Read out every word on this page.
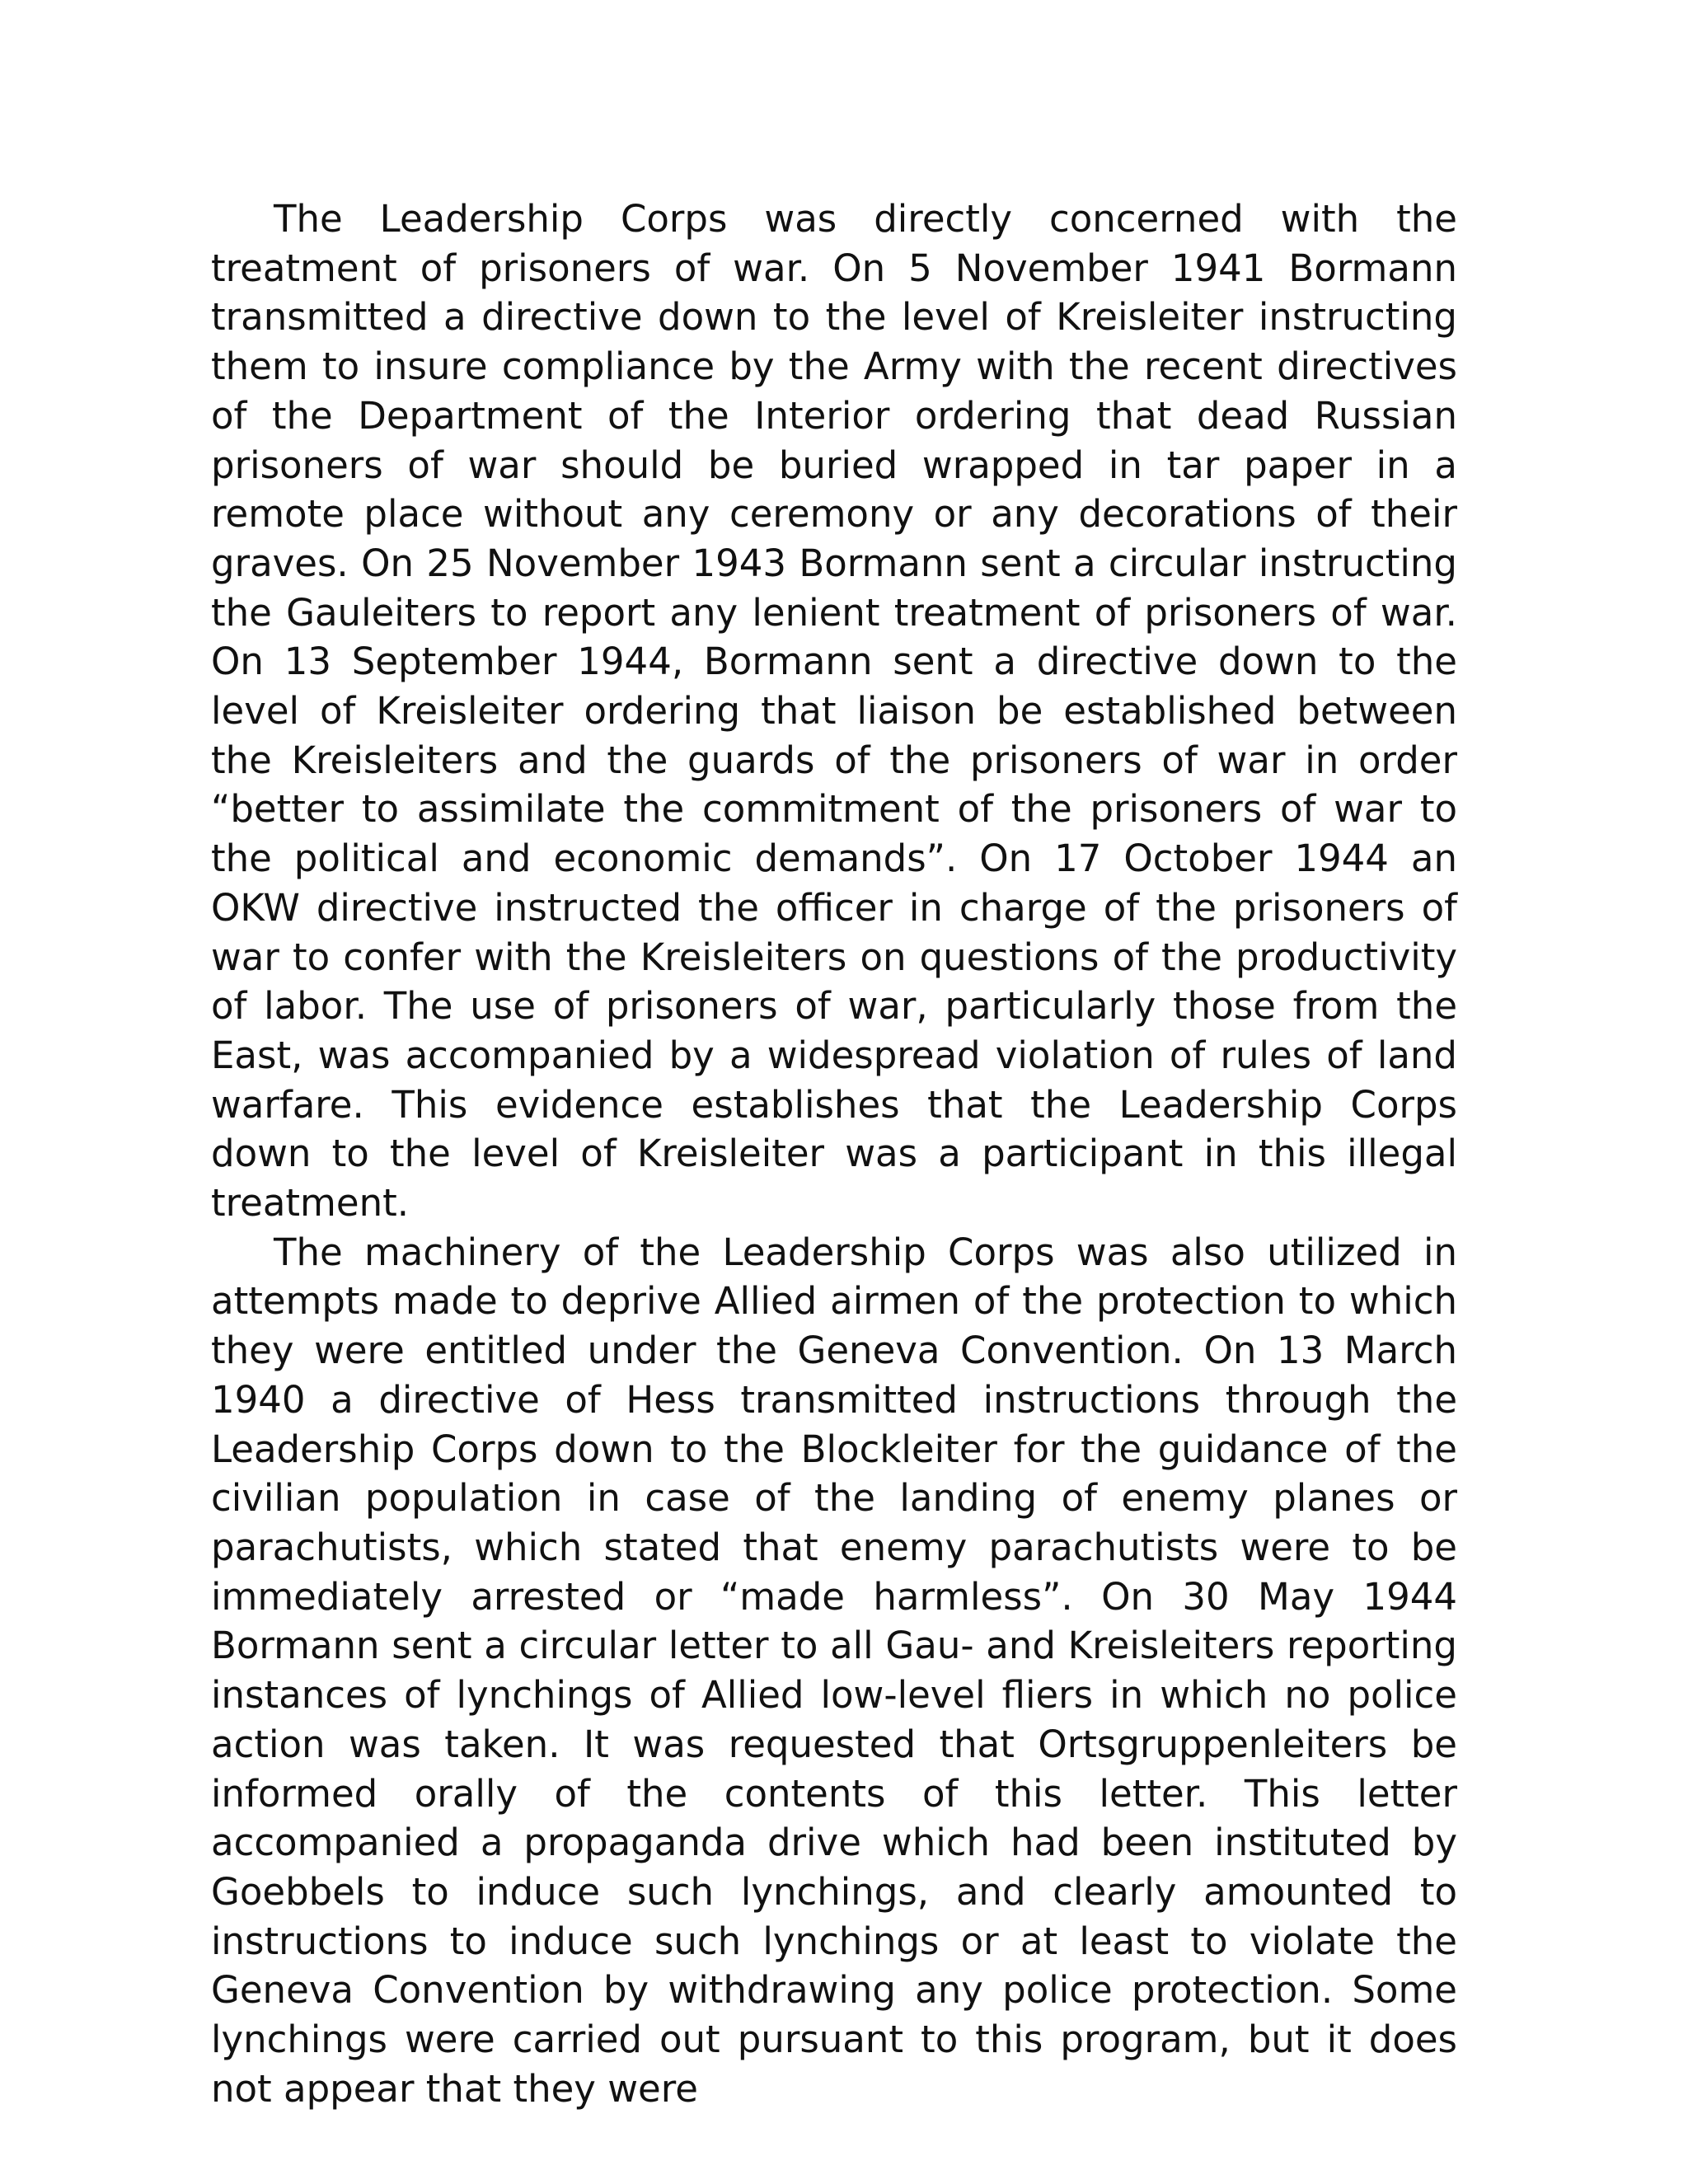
The Leadership Corps was directly concerned with the treatment of prisoners of war. On 5 November 1941 Bormann transmitted a directive down to the level of Kreisleiter instructing them to insure compliance by the Army with the recent directives of the Department of the Interior ordering that dead Russian prisoners of war should be buried wrapped in tar paper in a remote place without any ceremony or any decorations of their graves. On 25 November 1943 Bormann sent a circular instructing the Gauleiters to report any lenient treatment of prisoners of war. On 13 September 1944, Bormann sent a directive down to the level of Kreisleiter ordering that liaison be established between the Kreisleiters and the guards of the prisoners of war in order “better to assimilate the commitment of the prisoners of war to the political and economic demands”. On 17 October 1944 an OKW directive instructed the officer in charge of the prisoners of war to confer with the Kreisleiters on questions of the productivity of labor. The use of prisoners of war, particularly those from the East, was accompanied by a widespread violation of rules of land warfare. This evidence establishes that the Leadership Corps down to the level of Kreisleiter was a participant in this illegal treatment.

The machinery of the Leadership Corps was also utilized in attempts made to deprive Allied airmen of the protection to which they were entitled under the Geneva Convention. On 13 March 1940 a directive of Hess transmitted instructions through the Leadership Corps down to the Blockleiter for the guidance of the civilian population in case of the landing of enemy planes or parachutists, which stated that enemy parachutists were to be immediately arrested or “made harmless”. On 30 May 1944 Bormann sent a circular letter to all Gau- and Kreisleiters reporting instances of lynchings of Allied low-level fliers in which no police action was taken. It was requested that Ortsgruppenleiters be informed orally of the contents of this letter. This letter accompanied a propaganda drive which had been instituted by Goebbels to induce such lynchings, and clearly amounted to instructions to induce such lynchings or at least to violate the Geneva Convention by withdrawing any police protection. Some lynchings were carried out pursuant to this program, but it does not appear that they were
